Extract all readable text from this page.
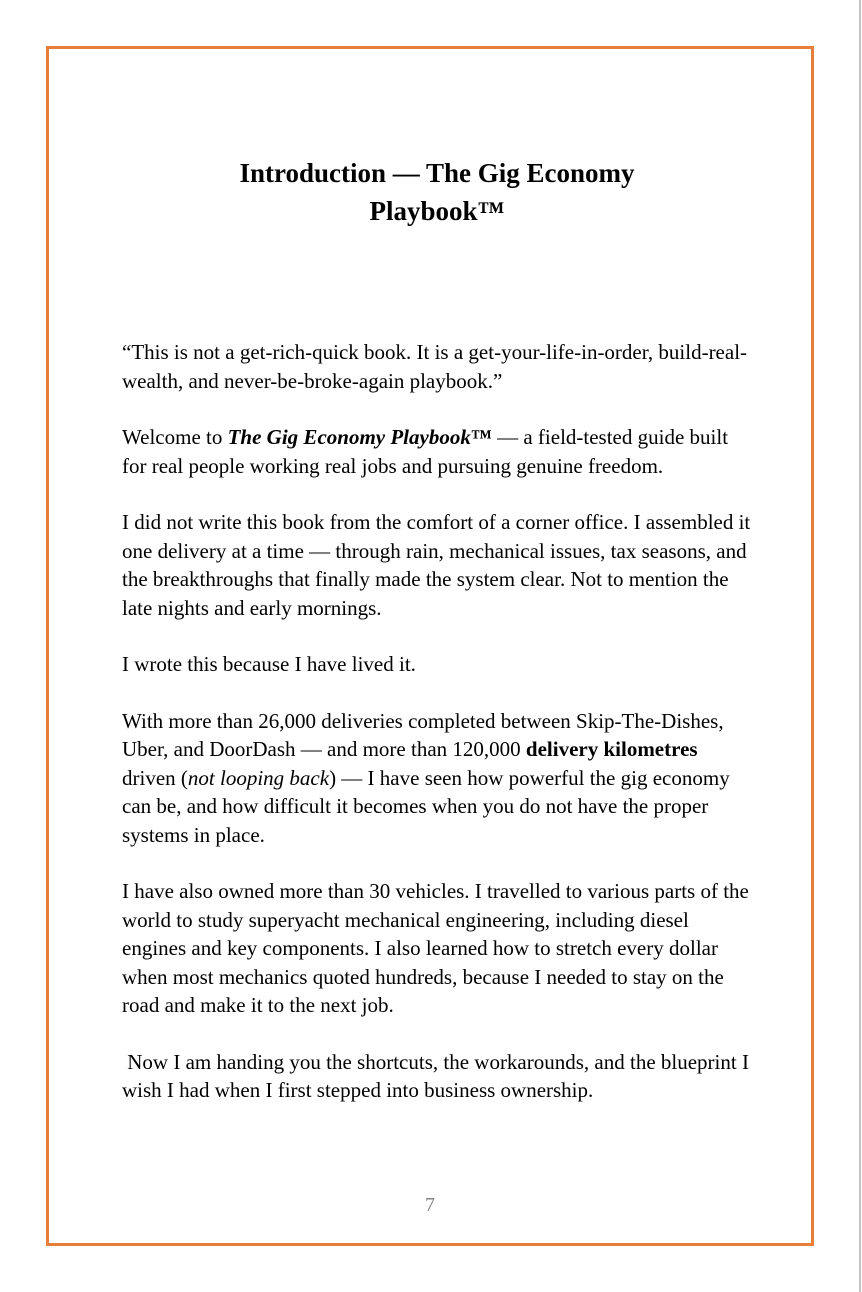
Introduction — The Gig Economy
Playbook™

“This is not a get-rich-quick book. It is a get-your-life-in-order, build-real-wealth, and never-be-broke-again playbook.”

Welcome to The Gig Economy Playbook™ — a field-tested guide built for real people working real jobs and pursuing genuine freedom.

I did not write this book from the comfort of a corner office. I assembled it one delivery at a time — through rain, mechanical issues, tax seasons, and the breakthroughs that finally made the system clear. Not to mention the late nights and early mornings.

I wrote this because I have lived it.

With more than 26,000 deliveries completed between Skip-The-Dishes, Uber, and DoorDash — and more than 120,000 delivery kilometres driven (not looping back) — I have seen how powerful the gig economy can be, and how difficult it becomes when you do not have the proper systems in place.

I have also owned more than 30 vehicles. I travelled to various parts of the world to study superyacht mechanical engineering, including diesel engines and key components. I also learned how to stretch every dollar when most mechanics quoted hundreds, because I needed to stay on the road and make it to the next job.

Now I am handing you the shortcuts, the workarounds, and the blueprint I wish I had when I first stepped into business ownership.

7
